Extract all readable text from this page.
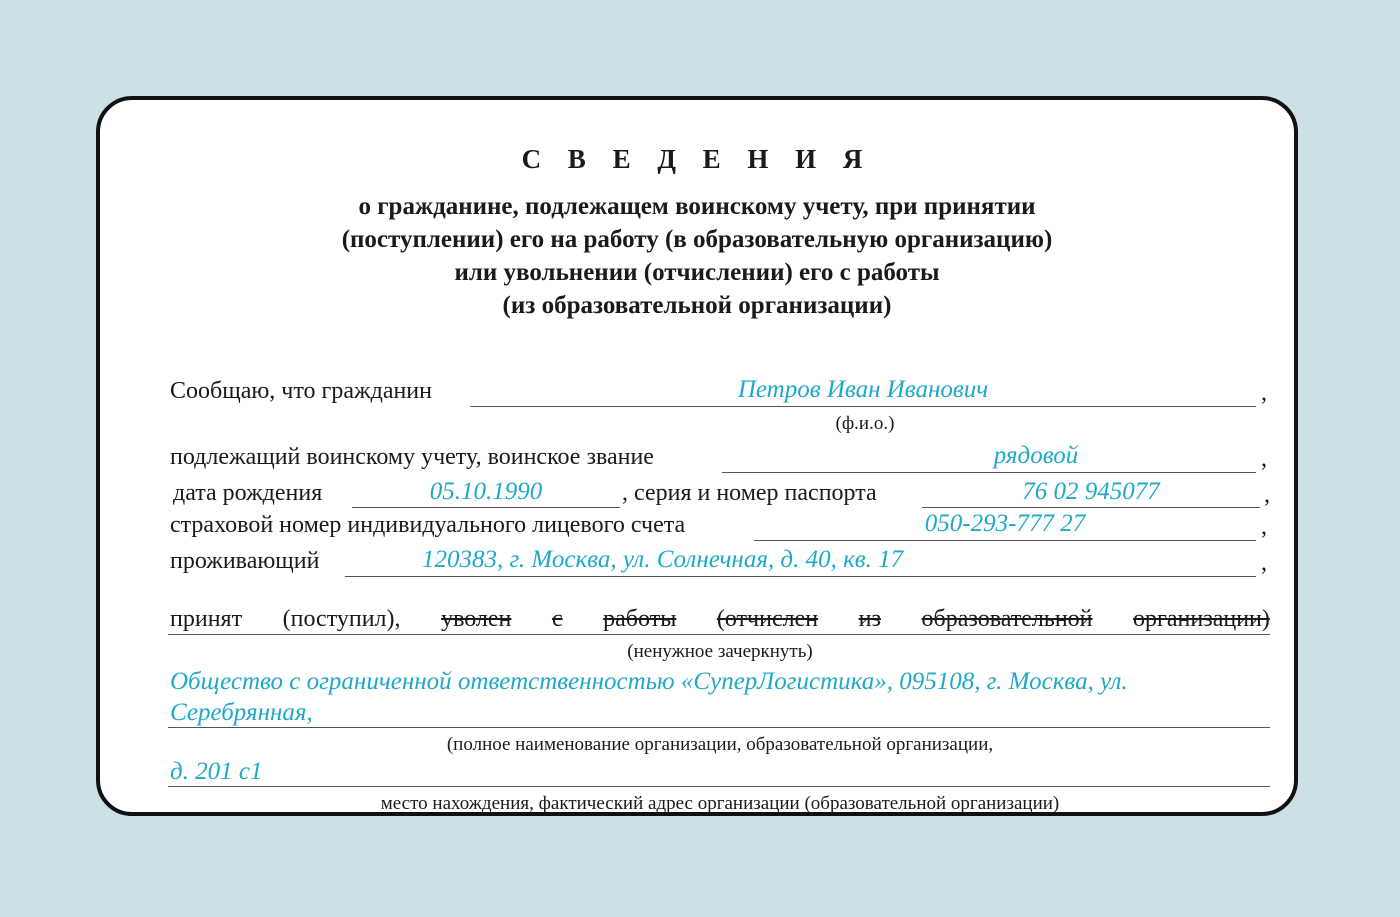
С В Е Д Е Н И Я
о гражданине, подлежащем воинскому учету, при принятии
(поступлении) его на работу (в образовательную организацию)
или увольнении (отчислении) его с работы
(из образовательной организации)
Сообщаю, что гражданин	Петров Иван Иванович	,
(ф.и.о.)
подлежащий воинскому учету, воинское звание	рядовой	,
дата рождения	05.10.1990	, серия и номер паспорта	76 02 945077	,
страховой номер индивидуального лицевого счета	050-293-777 27	,
проживающий	120383, г. Москва, ул. Солнечная, д. 40, кв. 17	,
принят (поступил), уволен с работы (отчислен из образовательной организации)
(ненужное зачеркнуть)
Общество с ограниченной ответственностью «СуперЛогистика», 095108, г. Москва, ул.
Серебрянная,
(полное наименование организации, образовательной организации,
д. 201 с1
место нахождения, фактический адрес организации (образовательной организации)
